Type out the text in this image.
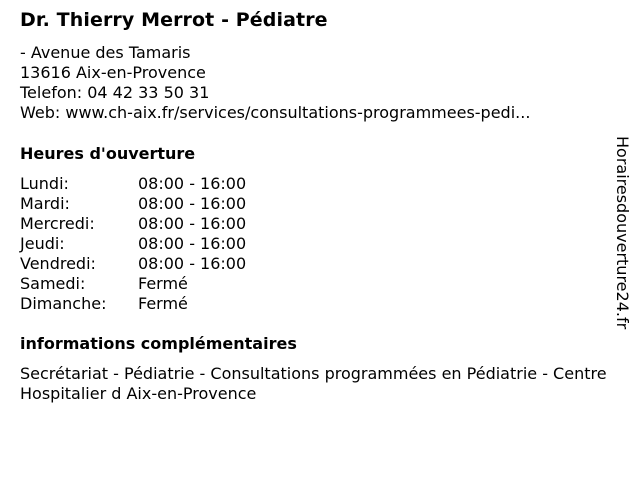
Dr. Thierry Merrot - Pédiatre
- Avenue des Tamaris
13616 Aix-en-Provence
Telefon: 04 42 33 50 31
Web: www.ch-aix.fr/services/consultations-programmees-pedi...
Heures d'ouverture
Lundi:	08:00 - 16:00
Mardi:	08:00 - 16:00
Mercredi:	08:00 - 16:00
Jeudi:	08:00 - 16:00
Vendredi:	08:00 - 16:00
Samedi:	Fermé
Dimanche: Fermé
informations complémentaires
Secrétariat - Pédiatrie - Consultations programmées en Pédiatrie - Centre Hospitalier d Aix-en-Provence
Horairesdouverture24.fr
